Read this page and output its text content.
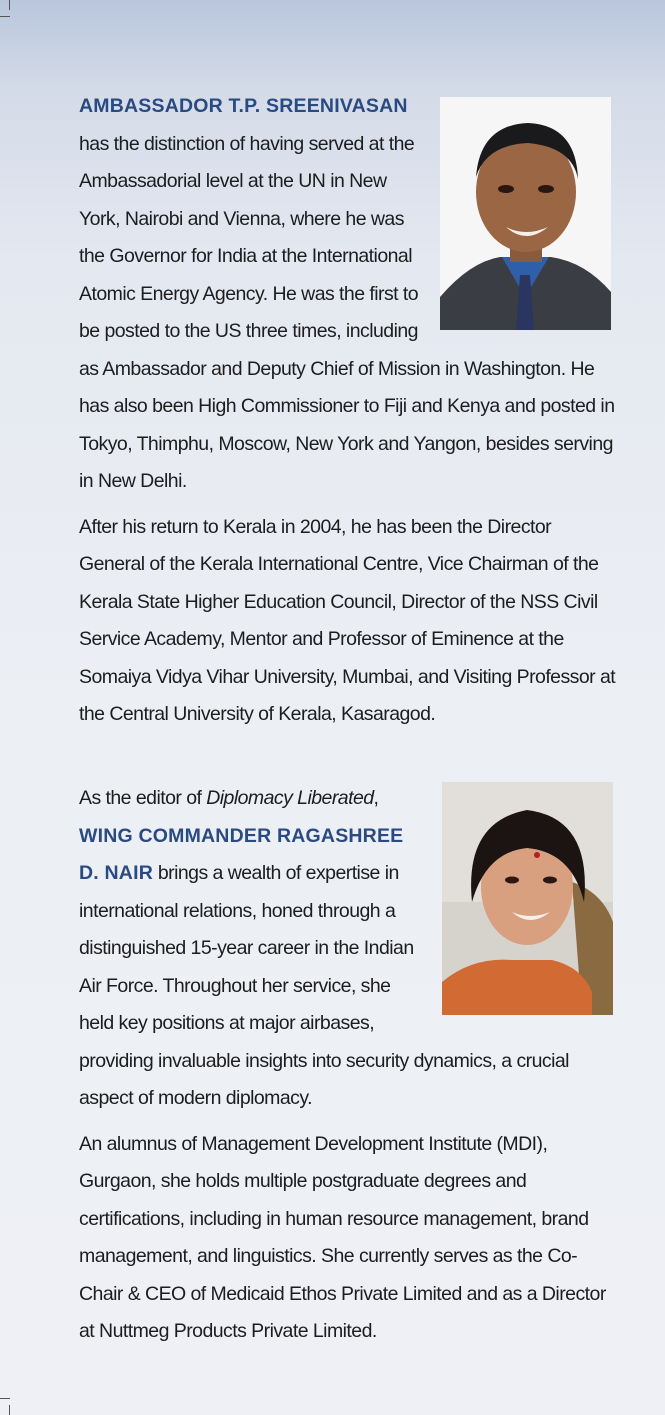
AMBASSADOR T.P. SREENIVASAN
has the distinction of having served at the Ambassadorial level at the UN in New York, Nairobi and Vienna, where he was the Governor for India at the International Atomic Energy Agency. He was the first to be posted to the US three times, including as Ambassador and Deputy Chief of Mission in Washington. He has also been High Commissioner to Fiji and Kenya and posted in Tokyo, Thimphu, Moscow, New York and Yangon, besides serving in New Delhi.

After his return to Kerala in 2004, he has been the Director General of the Kerala International Centre, Vice Chairman of the Kerala State Higher Education Council, Director of the NSS Civil Service Academy, Mentor and Professor of Eminence at the Somaiya Vidya Vihar University, Mumbai, and Visiting Professor at the Central University of Kerala, Kasaragod.

As the editor of Diplomacy Liberated,
WING COMMANDER RAGASHREE D. NAIR brings a wealth of expertise in international relations, honed through a distinguished 15-year career in the Indian Air Force. Throughout her service, she held key positions at major airbases, providing invaluable insights into security dynamics, a crucial aspect of modern diplomacy.

An alumnus of Management Development Institute (MDI), Gurgaon, she holds multiple postgraduate degrees and certifications, including in human resource management, brand management, and linguistics. She currently serves as the Co-Chair & CEO of Medicaid Ethos Private Limited and as a Director at Nuttmeg Products Private Limited.
